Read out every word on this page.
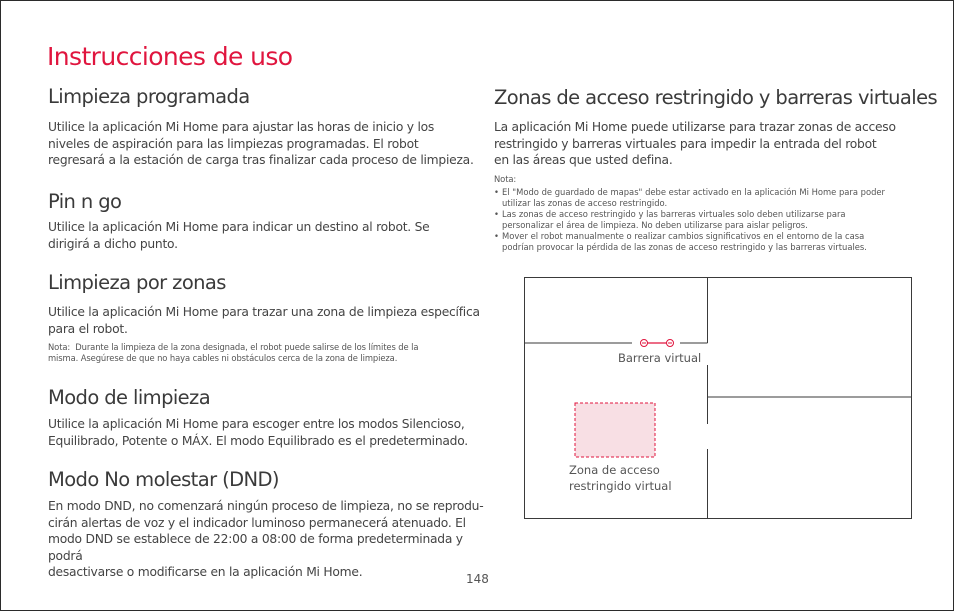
Instrucciones de uso
Limpieza programada
Utilice la aplicación Mi Home para ajustar las horas de inicio y los
niveles de aspiración para las limpiezas programadas. El robot
regresará a la estación de carga tras finalizar cada proceso de limpieza.
Pin n go
Utilice la aplicación Mi Home para indicar un destino al robot. Se
dirigirá a dicho punto.
Limpieza por zonas
Utilice la aplicación Mi Home para trazar una zona de limpieza específica
para el robot.
Nota: Durante la limpieza de la zona designada, el robot puede salirse de los límites de la
misma. Asegúrese de que no haya cables ni obstáculos cerca de la zona de limpieza.
Modo de limpieza
Utilice la aplicación Mi Home para escoger entre los modos Silencioso,
Equilibrado, Potente o MÁX. El modo Equilibrado es el predeterminado.
Modo No molestar (DND)
En modo DND, no comenzará ningún proceso de limpieza, no se reprodu-
cirán alertas de voz y el indicador luminoso permanecerá atenuado. El
modo DND se establece de 22:00 a 08:00 de forma predeterminada y podrá
desactivarse o modificarse en la aplicación Mi Home.
Zonas de acceso restringido y barreras virtuales
La aplicación Mi Home puede utilizarse para trazar zonas de acceso
restringido y barreras virtuales para impedir la entrada del robot
en las áreas que usted defina.
Nota:
• El "Modo de guardado de mapas" debe estar activado en la aplicación Mi Home para poder
utilizar las zonas de acceso restringido.
• Las zonas de acceso restringido y las barreras virtuales solo deben utilizarse para
personalizar el área de limpieza. No deben utilizarse para aislar peligros.
• Mover el robot manualmente o realizar cambios significativos en el entorno de la casa
podrían provocar la pérdida de las zonas de acceso restringido y las barreras virtuales.
Barrera virtual
Zona de acceso
restringido virtual
148
